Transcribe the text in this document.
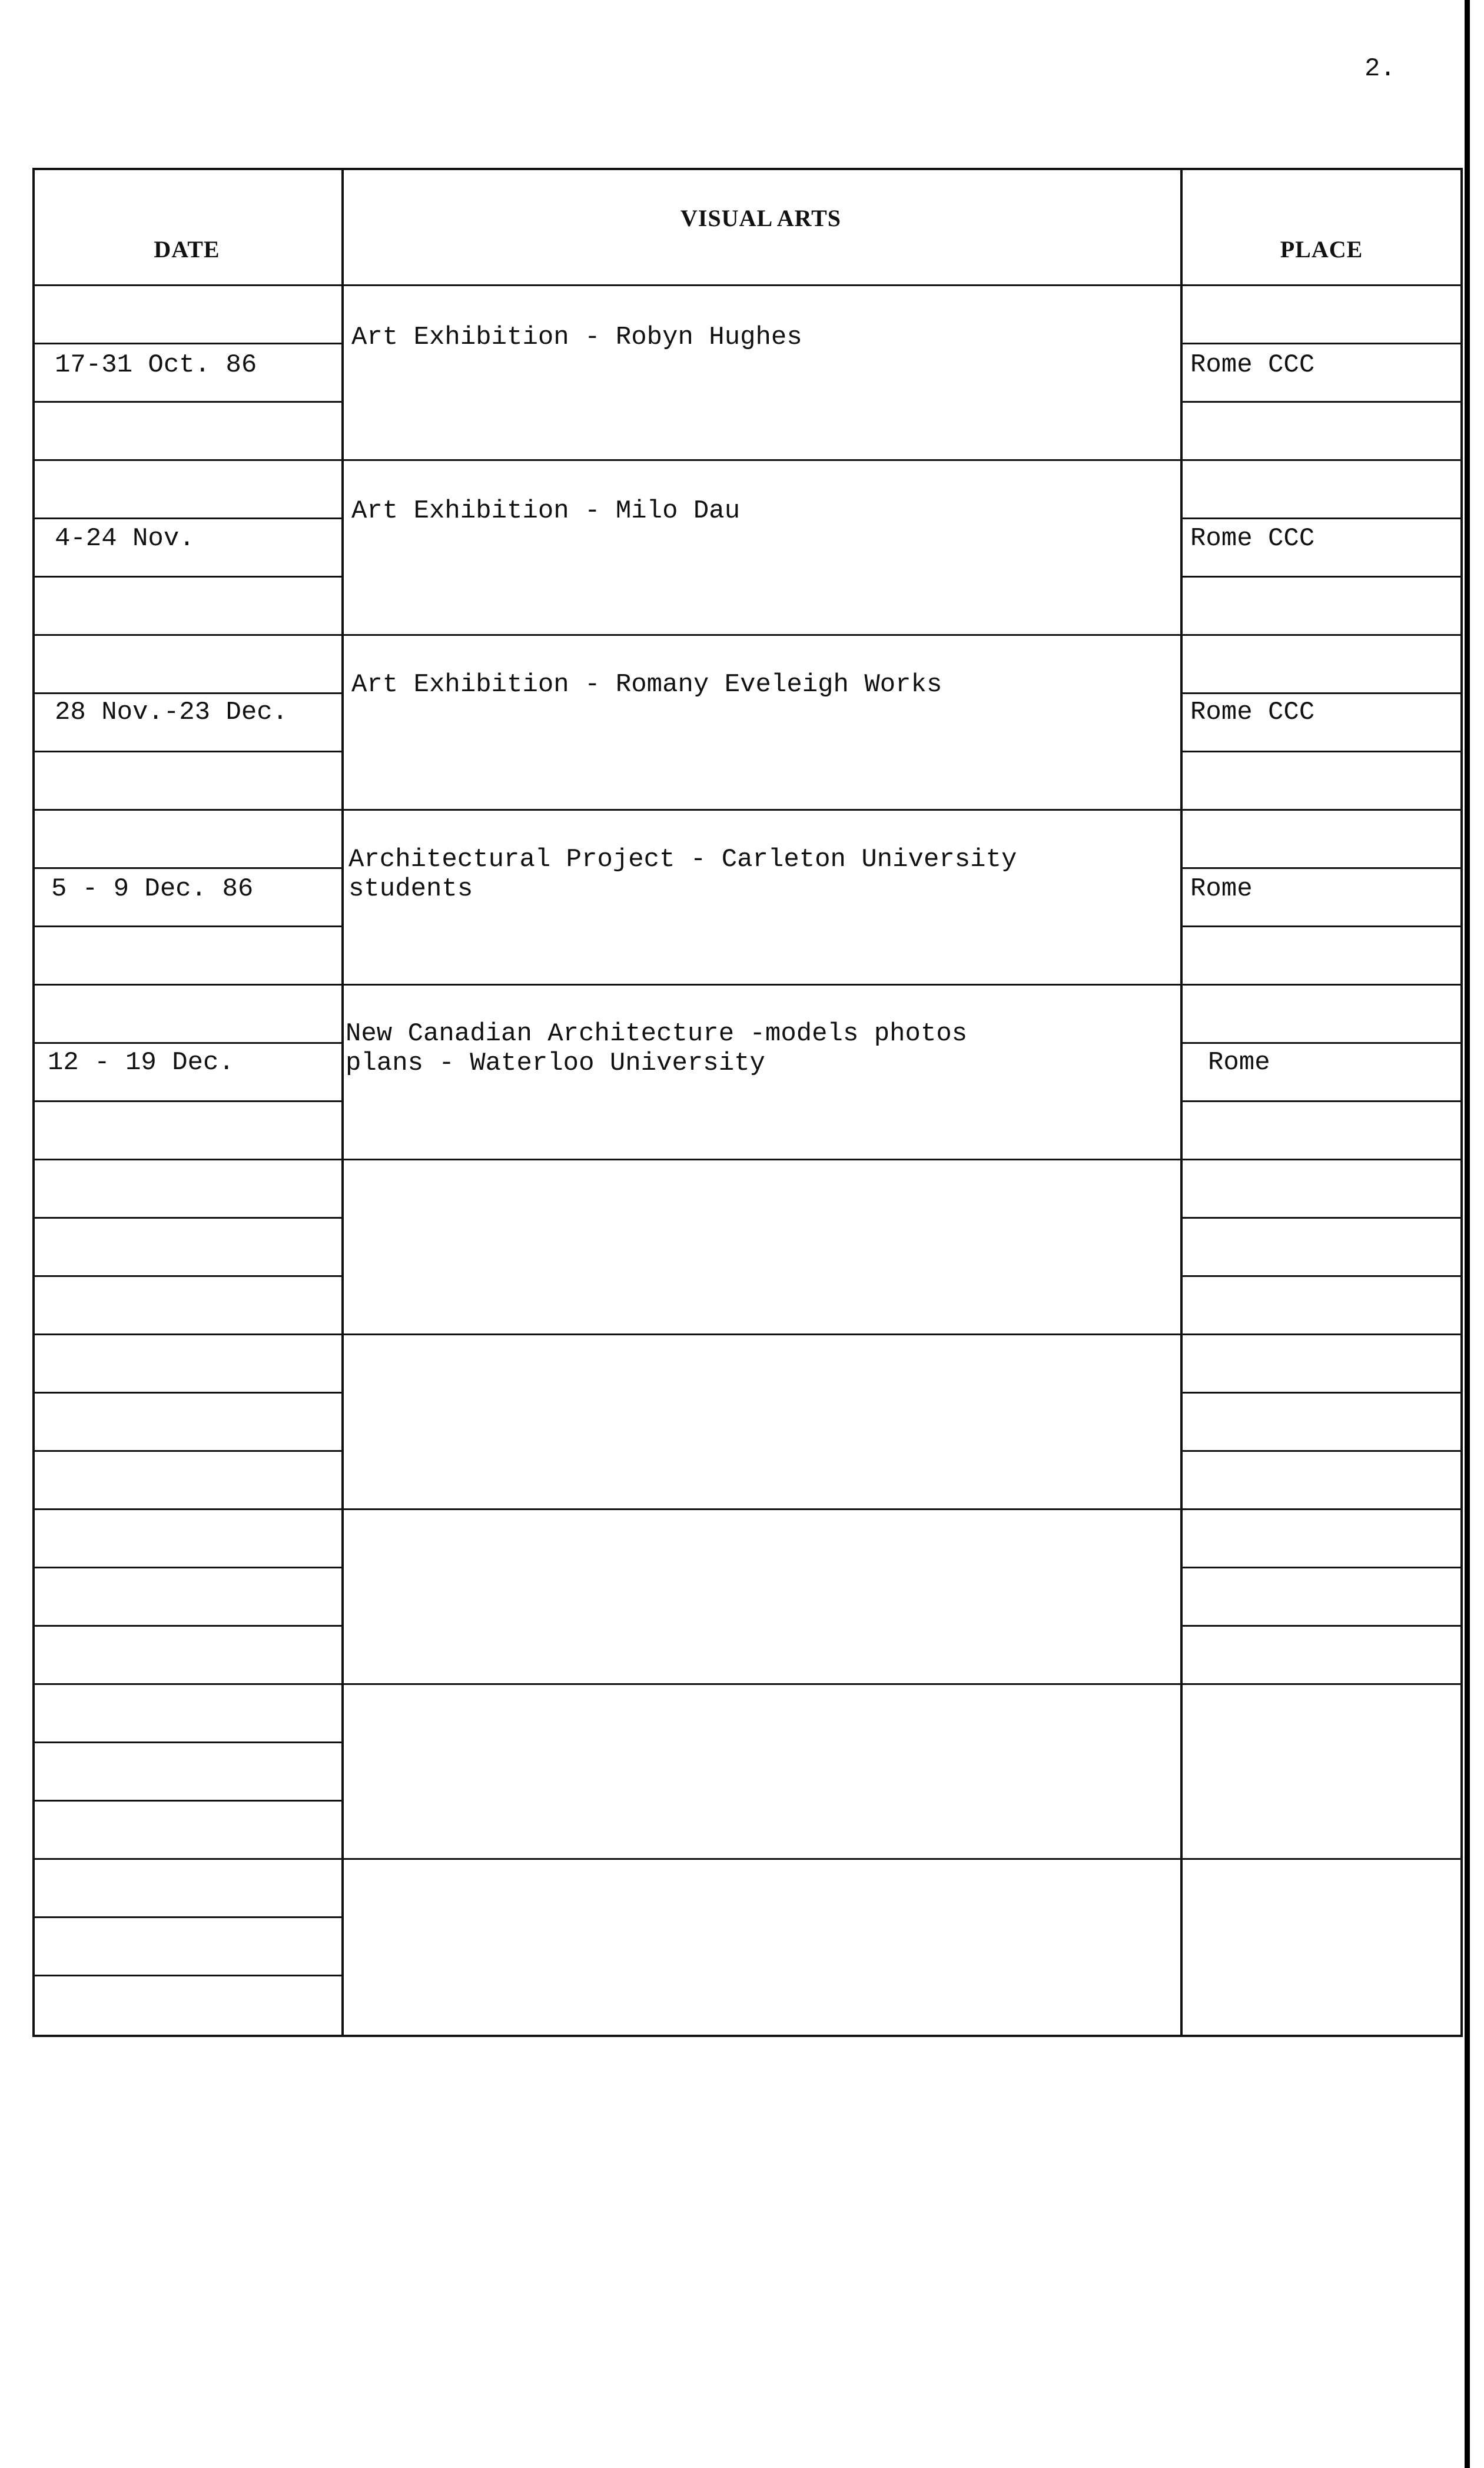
2.
DATE
VISUAL ARTS
PLACE
17-31 Oct. 86
Art Exhibition - Robyn Hughes
Rome CCC
4-24 Nov.
Art Exhibition - Milo Dau
Rome CCC
28 Nov.-23 Dec.
Art Exhibition - Romany Eveleigh Works
Rome CCC
5 - 9 Dec. 86
Architectural Project - Carleton University
students	Rome
12 - 19 Dec.
New Canadian Architecture -models photos
plans - Waterloo University	Rome
